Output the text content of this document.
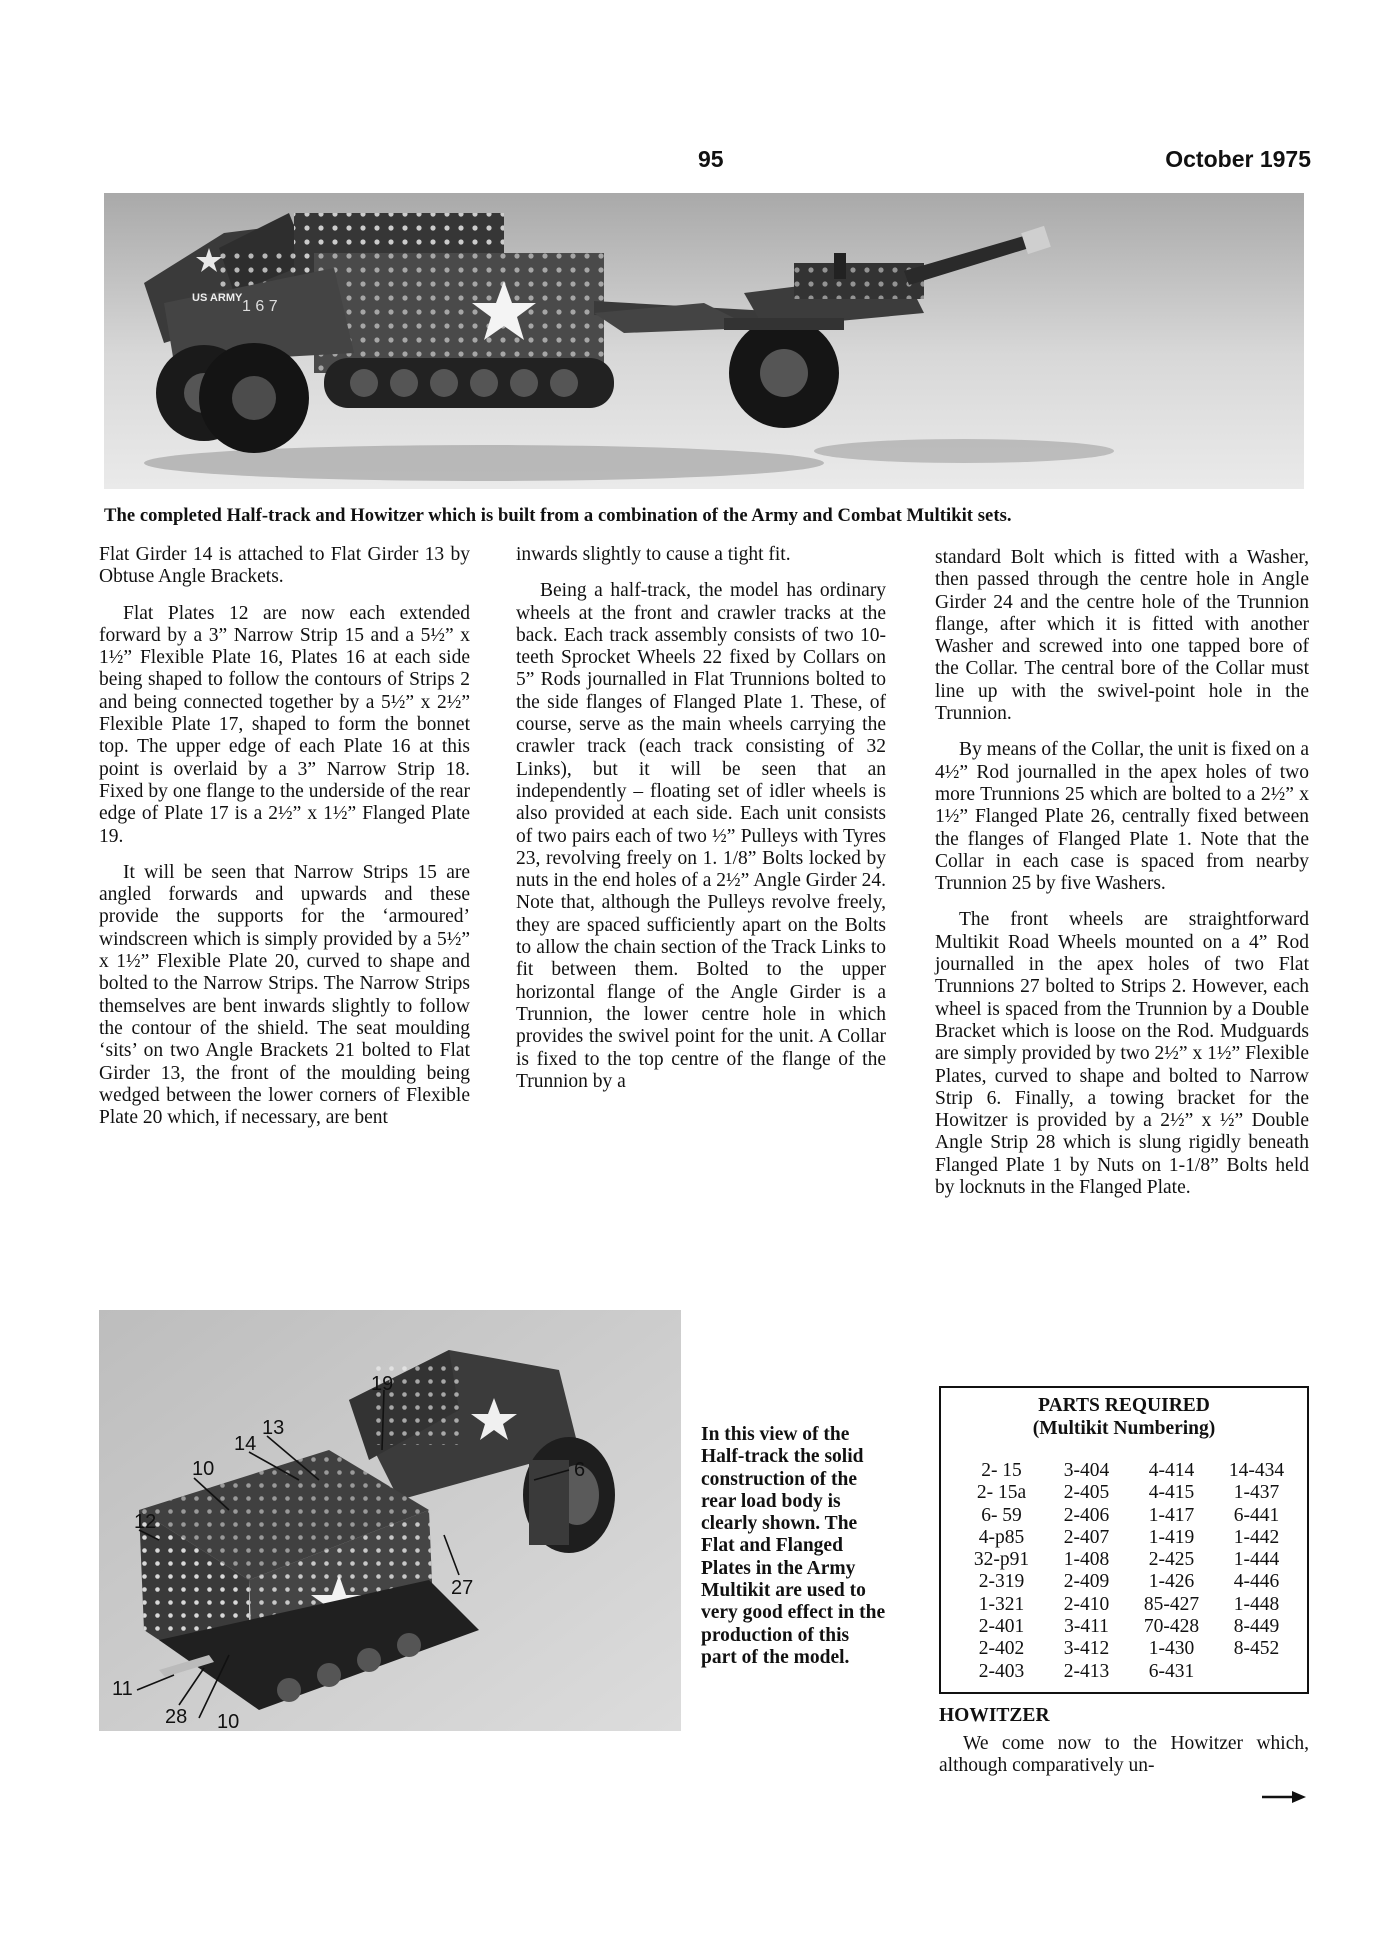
95	October 1975
US ARMY 1 6 7
The completed Half-track and Howitzer which is built from a combination of the Army and Combat Multikit sets.

Flat Girder 14 is attached to Flat Girder 13 by Obtuse Angle Brackets.

Flat Plates 12 are now each extended forward by a 3” Narrow Strip 15 and a 5½” x 1½” Flexible Plate 16, Plates 16 at each side being shaped to follow the contours of Strips 2 and being connected together by a 5½” x 2½” Flexible Plate 17, shaped to form the bonnet top. The upper edge of each Plate 16 at this point is overlaid by a 3” Narrow Strip 18. Fixed by one flange to the underside of the rear edge of Plate 17 is a 2½” x 1½” Flanged Plate 19.

It will be seen that Narrow Strips 15 are angled forwards and upwards and these provide the supports for the ‘armoured’ windscreen which is simply provided by a 5½” x 1½” Flexible Plate 20, curved to shape and bolted to the Narrow Strips. The Narrow Strips themselves are bent inwards slightly to follow the contour of the shield. The seat moulding ‘sits’ on two Angle Brackets 21 bolted to Flat Girder 13, the front of the moulding being wedged between the lower corners of Flexible Plate 20 which, if necessary, are bent

inwards slightly to cause a tight fit.

Being a half-track, the model has ordinary wheels at the front and crawler tracks at the back. Each track assembly consists of two 10-teeth Sprocket Wheels 22 fixed by Collars on 5” Rods journalled in Flat Trunnions bolted to the side flanges of Flanged Plate 1. These, of course, serve as the main wheels carrying the crawler track (each track consisting of 32 Links), but it will be seen that an independently – floating set of idler wheels is also provided at each side. Each unit consists of two pairs each of two ½” Pulleys with Tyres 23, revolving freely on 1. 1/8” Bolts locked by nuts in the end holes of a 2½” Angle Girder 24. Note that, although the Pulleys revolve freely, they are spaced sufficiently apart on the Bolts to allow the chain section of the Track Links to fit between them. Bolted to the upper horizontal flange of the Angle Girder is a Trunnion, the lower centre hole in which provides the swivel point for the unit. A Collar is fixed to the top centre of the flange of the Trunnion by a

standard Bolt which is fitted with a Washer, then passed through the centre hole in Angle Girder 24 and the centre hole of the Trunnion flange, after which it is fitted with another Washer and screwed into one tapped bore of the Collar. The central bore of the Collar must line up with the swivel-point hole in the Trunnion.

By means of the Collar, the unit is fixed on a 4½” Rod journalled in the apex holes of two more Trunnions 25 which are bolted to a 2½” x 1½” Flanged Plate 26, centrally fixed between the flanges of Flanged Plate 1. Note that the Collar in each case is spaced from nearby Trunnion 25 by five Washers.

The front wheels are straightforward Multikit Road Wheels mounted on a 4” Rod journalled in the apex holes of two Flat Trunnions 27 bolted to Strips 2. However, each wheel is spaced from the Trunnion by a Double Bracket which is loose on the Rod. Mudguards are simply provided by two 2½” x 1½” Flexible Plates, curved to shape and bolted to Narrow Strip 6. Finally, a towing bracket for the Howitzer is provided by a 2½” x ½” Double Angle Strip 28 which is slung rigidly beneath Flanged Plate 1 by Nuts on 1-1/8” Bolts held by locknuts in the Flanged Plate.

19
14
13
10	6
12
27
11
28 10
In this view of the Half-track the solid construction of the rear load body is clearly shown. The Flat and Flanged Plates in the Army Multikit are used to very good effect in the production of this part of the model.
PARTS REQUIRED
(Multikit Numbering)
2- 15	3-404	4-414	14-434
2- 15a	2-405	4-415	1-437
6- 59	2-406	1-417	6-441
4-p85	2-407	1-419	1-442
32-p91	1-408	2-425	1-444
2-319	2-409	1-426	4-446
1-321	2-410	85-427	1-448
2-401	3-411	70-428	8-449
2-402	3-412	1-430	8-452
2-403	2-413	6-431
HOWITZER
We come now to the Howitzer which, although comparatively un-
